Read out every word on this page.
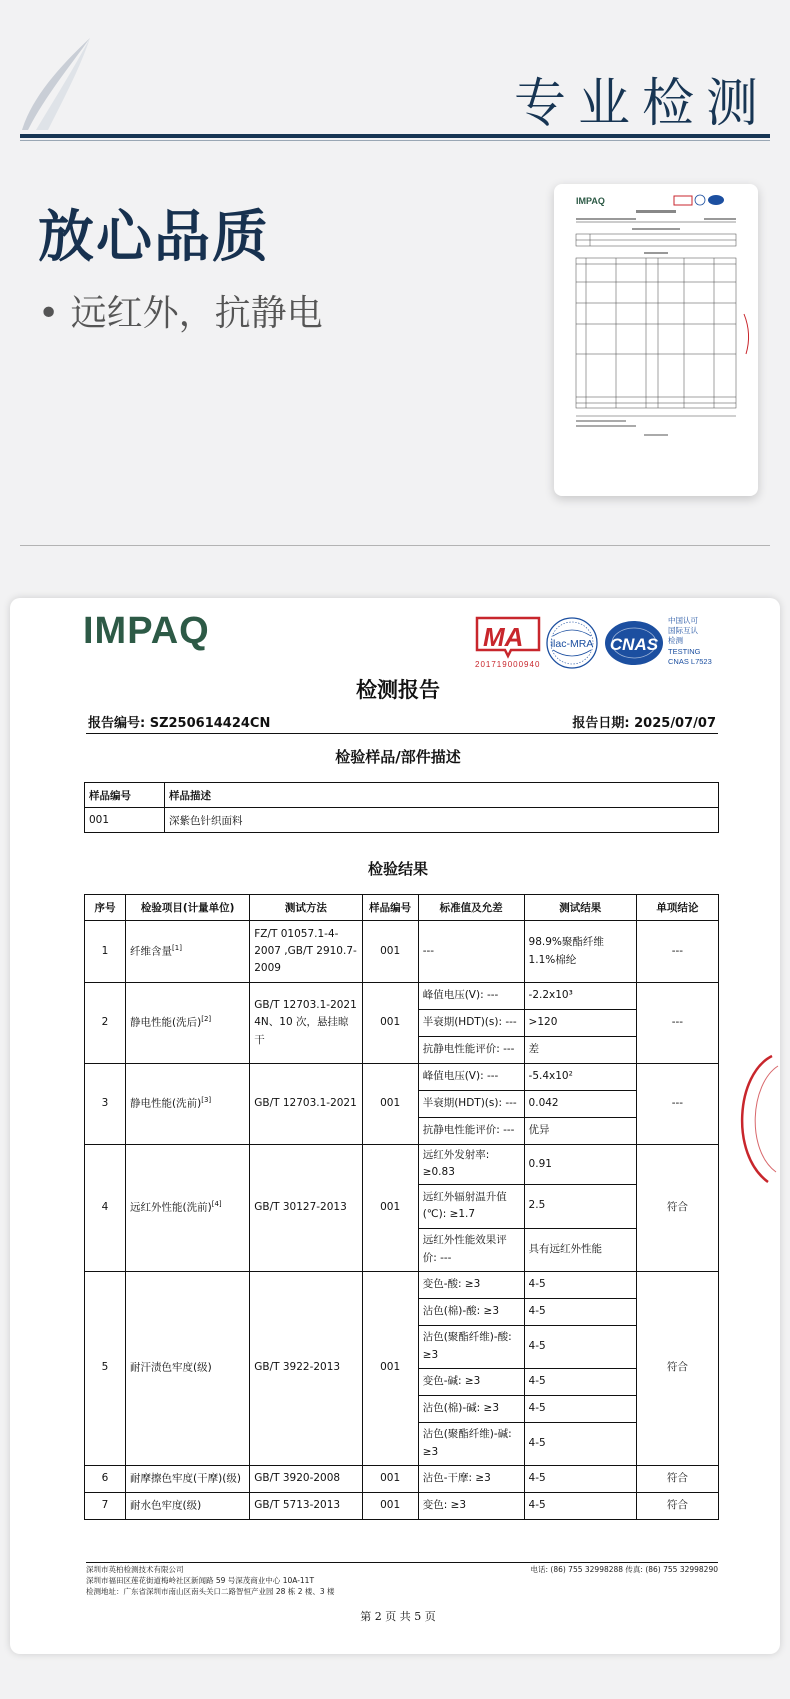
专业检测
放心品质
• 远红外，抗静电
IMPAQ
IMPAQ	MA
201719000940
ilac-MRA CNAS
中国认可
国际互认
检测
TESTING
CNAS L7523
检测报告
报告编号: SZ250614424CN	报告日期: 2025/07/07
检验样品/部件描述
样品编号	样品描述
001	深紫色针织面料
检验结果
序号	检验项目(计量单位)	测试方法	样品编号	标准值及允差	测试结果	单项结论
1	纤维含量[1]	FZ/T 01057.1-4-2007 ,GB/T 2910.7-2009	001	---	98.9%聚酯纤维 1.1%棉纶	---
2	静电性能(洗后)[2]	GB/T 12703.1-2021 4N、10 次，悬挂晾干	001	峰值电压(V): ---	-2.2x10³	---
				半衰期(HDT)(s): ---	>120	
				抗静电性能评价: ---	差	
3	静电性能(洗前)[3]	GB/T 12703.1-2021	001	峰值电压(V): ---	-5.4x10²	---
				半衰期(HDT)(s): ---	0.042	
				抗静电性能评价: ---	优异	
4	远红外性能(洗前)[4]	GB/T 30127-2013	001	远红外发射率: ≥0.83	0.91	符合
				远红外辐射温升值(℃): ≥1.7	2.5	
				远红外性能效果评价: ---	具有远红外性能	
5	耐汗渍色牢度(级)	GB/T 3922-2013	001	变色-酸: ≥3	4-5	符合
				沾色(棉)-酸: ≥3	4-5	
				沾色(聚酯纤维)-酸: ≥3	4-5	
				变色-碱: ≥3	4-5	
				沾色(棉)-碱: ≥3	4-5	
				沾色(聚酯纤维)-碱: ≥3	4-5	
6	耐摩擦色牢度(干摩)(级)	GB/T 3920-2008	001	沾色-干摩: ≥3	4-5	符合
7	耐水色牢度(级)	GB/T 5713-2013	001	变色: ≥3	4-5	符合
深圳市英柏检测技术有限公司
深圳市福田区莲花街道梅岭社区新闻路 59 号深茂商业中心 10A-11T
检测地址：广东省深圳市南山区南头关口二路智恒产业园 28 栋 2 楼、3 楼
电话: (86) 755 32998288 传真: (86) 755 32998290
第 2 页 共 5 页
